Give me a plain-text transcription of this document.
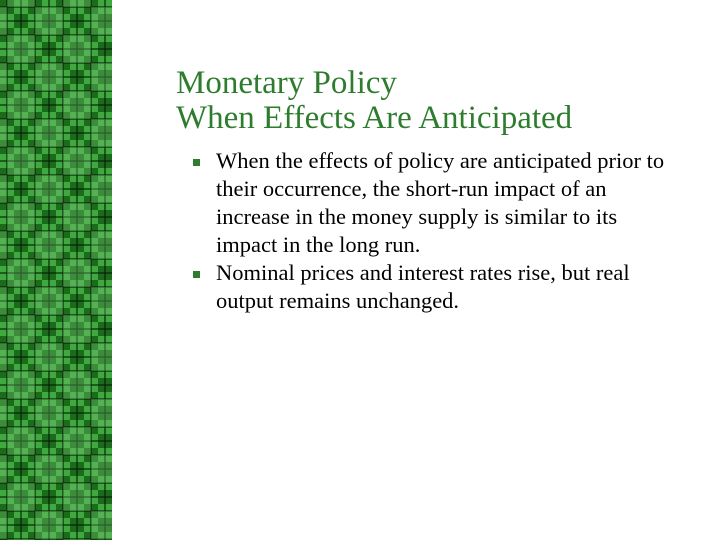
Monetary Policy
When Effects Are Anticipated
When the effects of policy are anticipated prior to their occurrence, the short-run impact of an increase in the money supply is similar to its impact in the long run.
Nominal prices and interest rates rise, but real output remains unchanged.
